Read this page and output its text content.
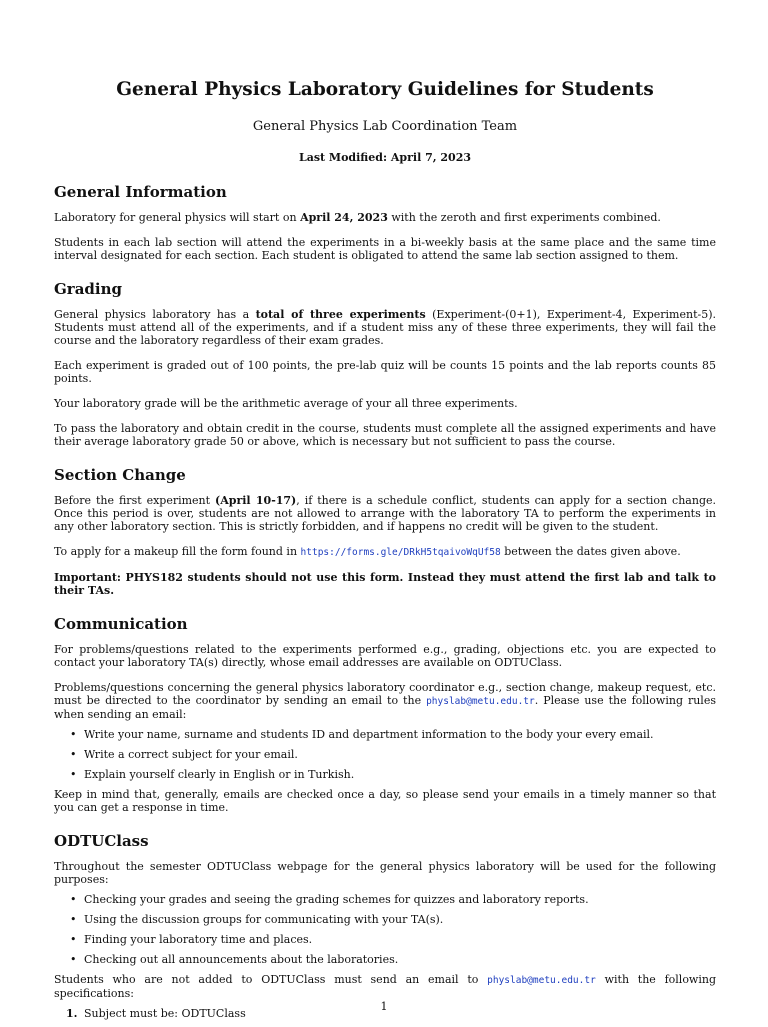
General Physics Laboratory Guidelines for Students
General Physics Lab Coordination Team
Last Modified: April 7, 2023
General Information

Laboratory for general physics will start on April 24, 2023 with the zeroth and first experiments combined.

Students in each lab section will attend the experiments in a bi-weekly basis at the same place and the same time interval designated for each section. Each student is obligated to attend the same lab section assigned to them.

Grading

General physics laboratory has a total of three experiments (Experiment-(0+1), Experiment-4, Experiment-5). Students must attend all of the experiments, and if a student miss any of these three experiments, they will fail the course and the laboratory regardless of their exam grades.

Each experiment is graded out of 100 points, the pre-lab quiz will be counts 15 points and the lab reports counts 85 points.

Your laboratory grade will be the arithmetic average of your all three experiments.

To pass the laboratory and obtain credit in the course, students must complete all the assigned experiments and have their average laboratory grade 50 or above, which is necessary but not sufficient to pass the course.

Section Change

Before the first experiment (April 10-17), if there is a schedule conflict, students can apply for a section change. Once this period is over, students are not allowed to arrange with the laboratory TA to perform the experiments in any other laboratory section. This is strictly forbidden, and if happens no credit will be given to the student.

To apply for a makeup fill the form found in https://forms.gle/DRkH5tqaivoWqUf58 between the dates given above.

Important: PHYS182 students should not use this form. Instead they must attend the first lab and talk to their TAs.

Communication

For problems/questions related to the experiments performed e.g., grading, objections etc. you are expected to contact your laboratory TA(s) directly, whose email addresses are available on ODTUClass.

Problems/questions concerning the general physics laboratory coordinator e.g., section change, makeup request, etc. must be directed to the coordinator by sending an email to the physlab@metu.edu.tr. Please use the following rules when sending an email:

• Write your name, surname and students ID and department information to the body your every email.
• Write a correct subject for your email.
• Explain yourself clearly in English or in Turkish.

Keep in mind that, generally, emails are checked once a day, so please send your emails in a timely manner so that you can get a response in time.

ODTUClass

Throughout the semester ODTUClass webpage for the general physics laboratory will be used for the following purposes:

• Checking your grades and seeing the grading schemes for quizzes and laboratory reports.
• Using the discussion groups for communicating with your TA(s).
• Finding your laboratory time and places.
• Checking out all announcements about the laboratories.

Students who are not added to ODTUClass must send an email to physlab@metu.edu.tr with the following specifications:

1. Subject must be: ODTUClass
1
